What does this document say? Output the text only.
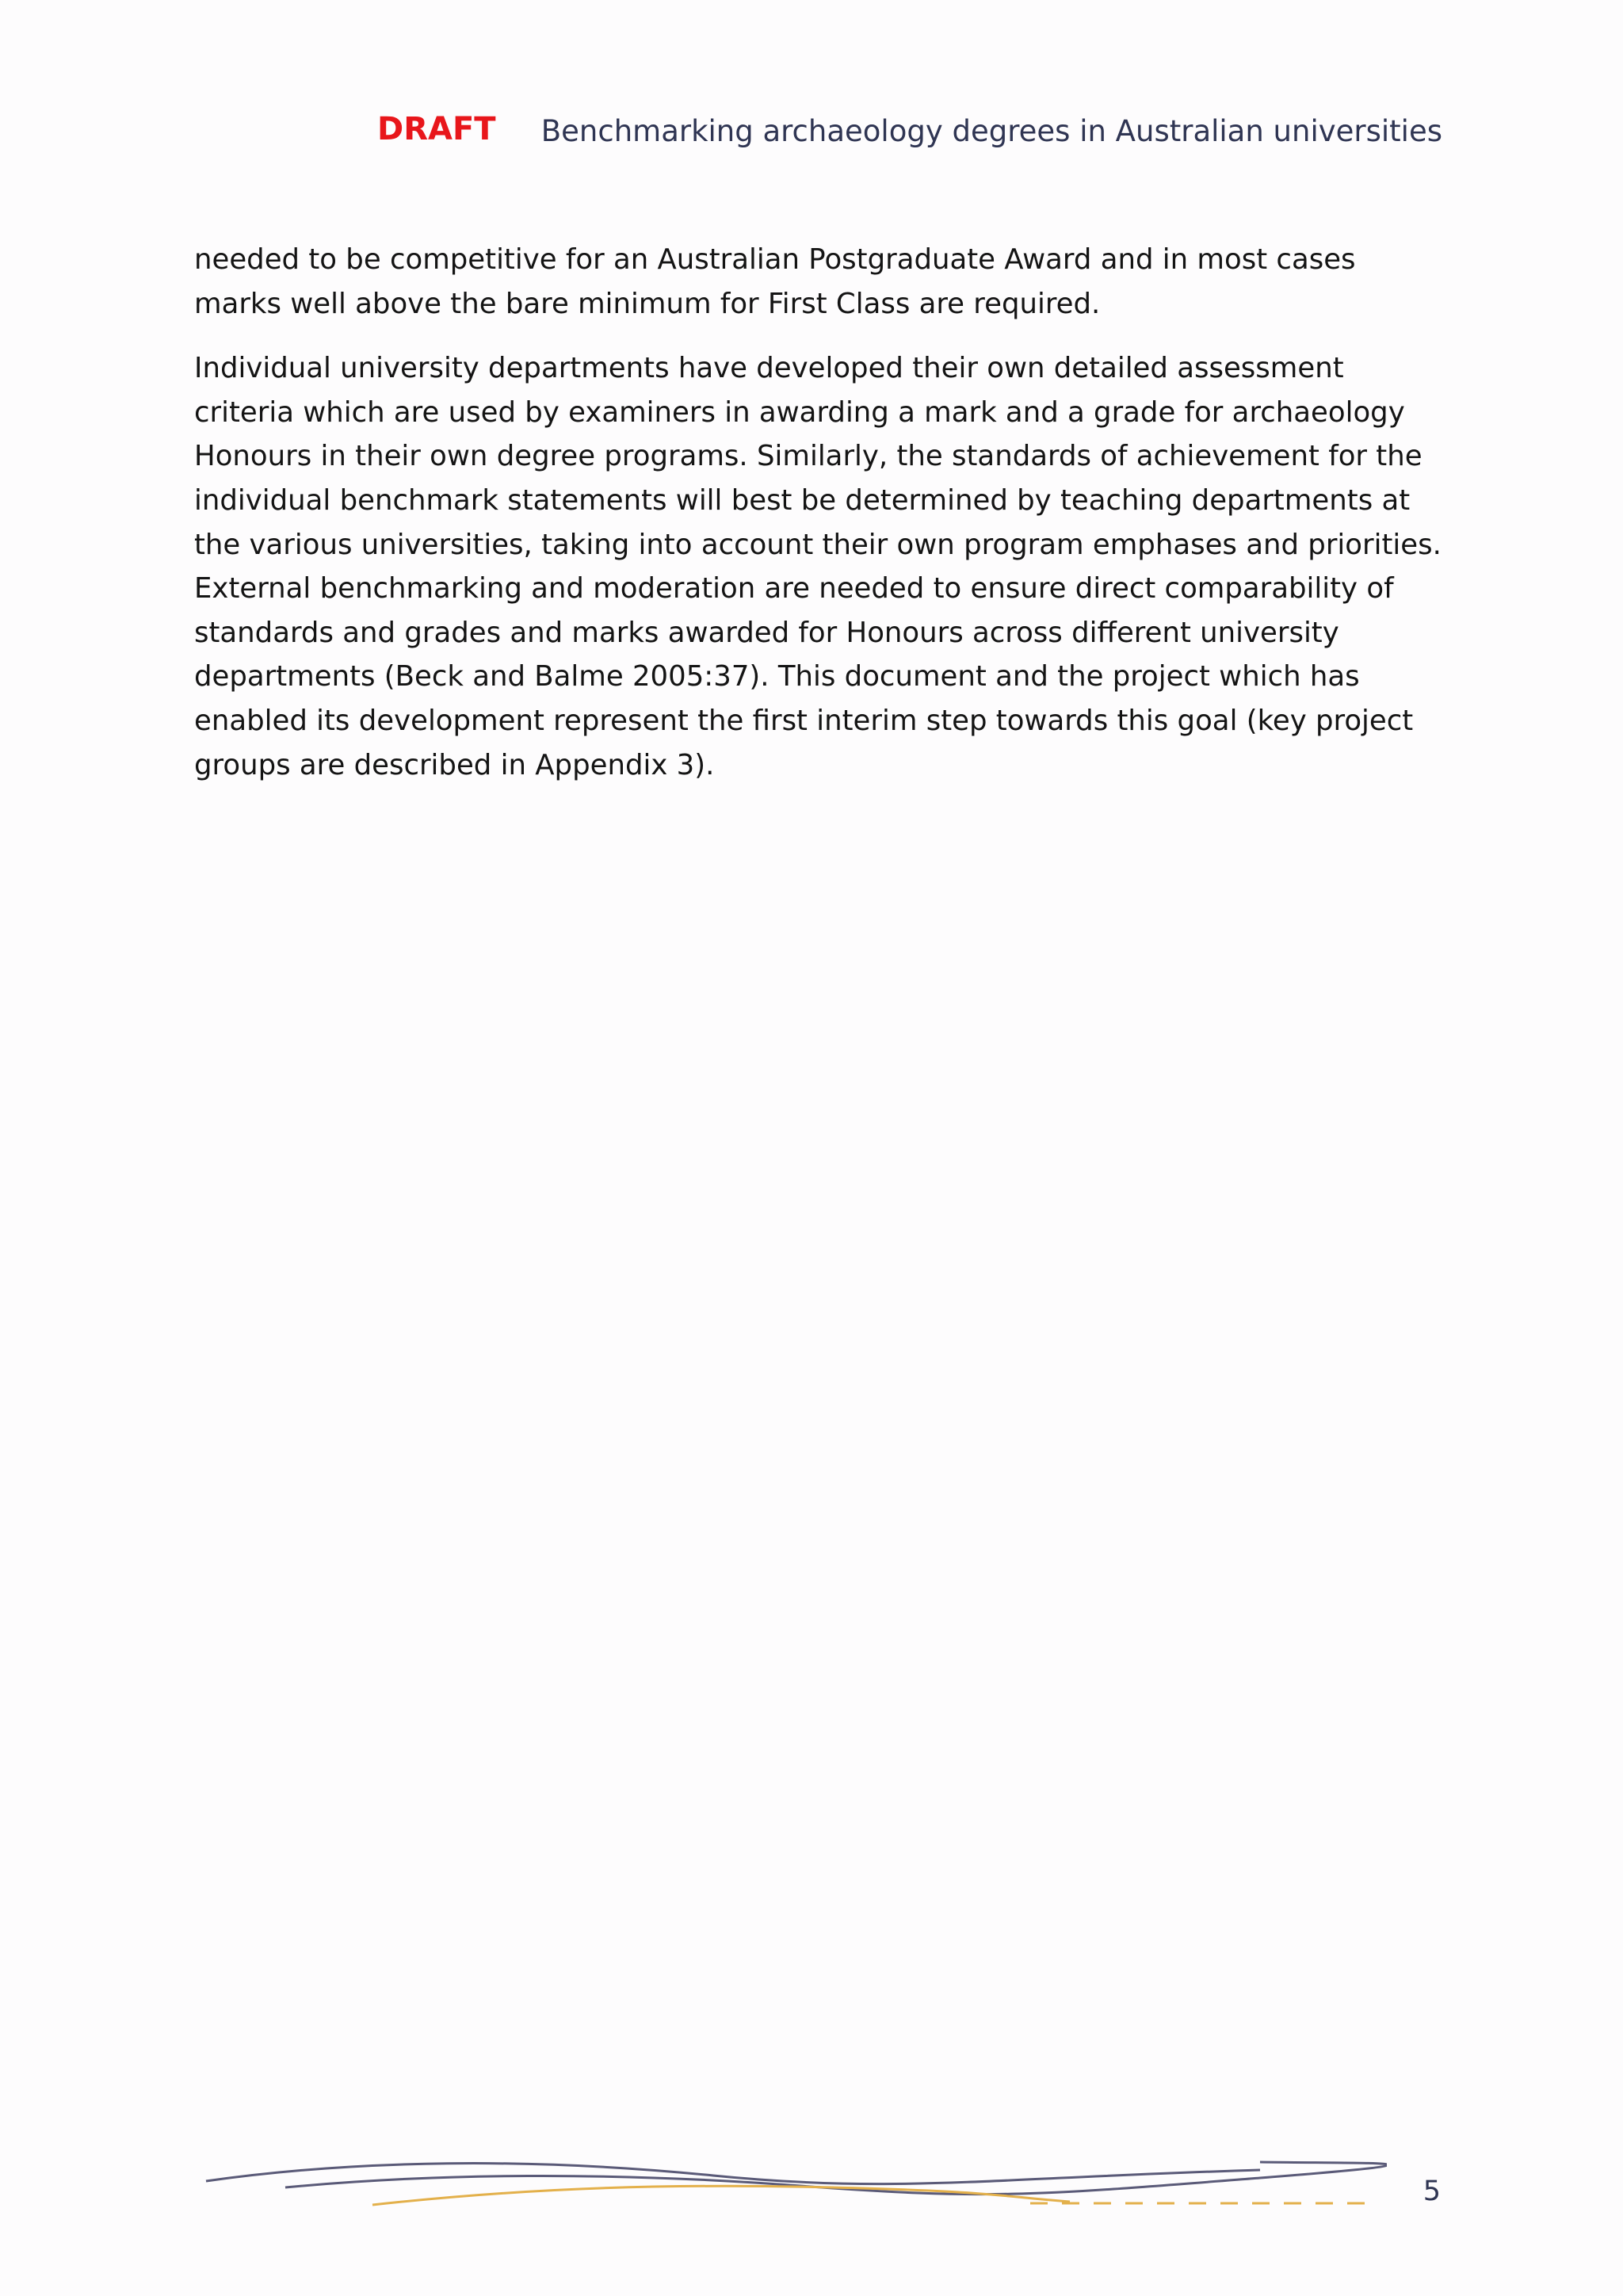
DRAFT Benchmarking archaeology degrees in Australian universities

needed to be competitive for an Australian Postgraduate Award and in most cases marks well above the bare minimum for First Class are required.

Individual university departments have developed their own detailed assessment criteria which are used by examiners in awarding a mark and a grade for archaeology Honours in their own degree programs. Similarly, the standards of achievement for the individual benchmark statements will best be determined by teaching departments at the various universities, taking into account their own program emphases and priorities. External benchmarking and moderation are needed to ensure direct comparability of standards and grades and marks awarded for Honours across different university departments (Beck and Balme 2005:37). This document and the project which has enabled its development represent the first interim step towards this goal (key project groups are described in Appendix 3).

5
